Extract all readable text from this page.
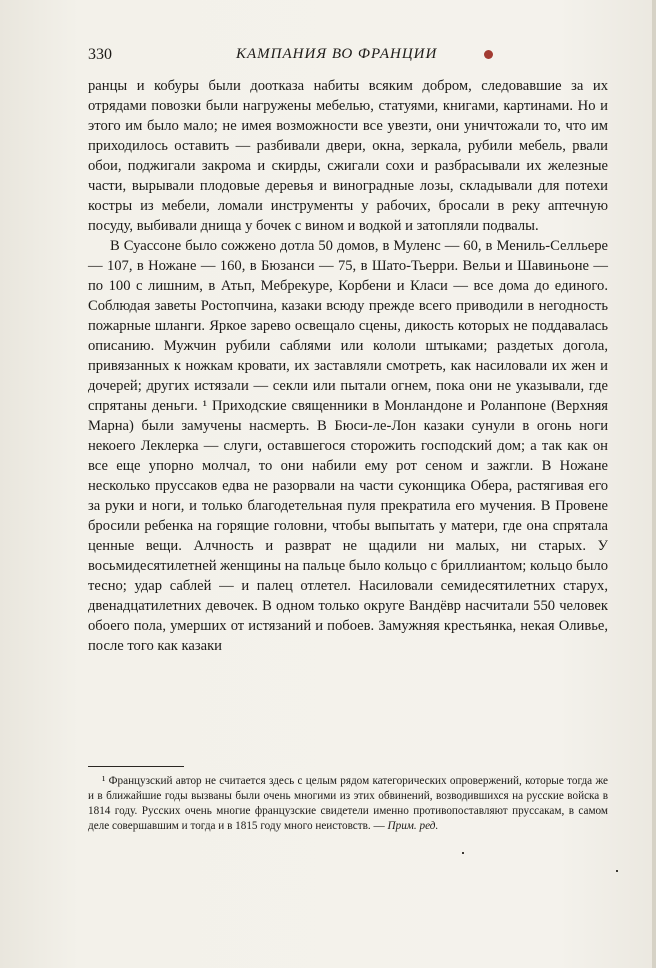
330	КАМПАНИЯ ВО ФРАНЦИИ

ранцы и кобуры были доотказа набиты всяким добром, следовавшие за их отрядами повозки были нагружены мебелью, статуями, книгами, картинами. Но и этого им было мало; не имея возможности все увезти, они уничтожали то, что им приходилось оставить — разбивали двери, окна, зеркала, рубили мебель, рвали обои, поджигали закрома и скирды, сжигали сохи и разбрасывали их железные части, вырывали плодовые деревья и виноградные лозы, складывали для потехи костры из мебели, ломали инструменты у рабочих, бросали в реку аптечную посуду, выбивали днища у бочек с вином и водкой и затопляли подвалы.

В Суассоне было сожжено дотла 50 домов, в Муленс — 60, в Мениль-Селльере — 107, в Ножане — 160, в Бюзанси — 75, в Шато-Тьерри. Вельи и Шавиньоне — по 100 с лишним, в Атьп, Мебрекуре, Корбени и Класи — все дома до единого. Соблюдая заветы Ростопчина, казаки всюду прежде всего приводили в негодность пожарные шланги. Яркое зарево освещало сцены, дикость которых не поддавалась описанию. Мужчин рубили саблями или кололи штыками; раздетых догола, привязанных к ножкам кровати, их заставляли смотреть, как насиловали их жен и дочерей; других истязали — секли или пытали огнем, пока они не указывали, где спрятаны деньги. ¹ Приходские священники в Монландоне и Роланпоне (Верхняя Марна) были замучены насмерть. В Бюси-ле-Лон казаки сунули в огонь ноги некоего Леклерка — слуги, оставшегося сторожить господский дом; а так как он все еще упорно молчал, то они набили ему рот сеном и зажгли. В Ножане несколько пруссаков едва не разорвали на части суконщика Обера, растягивая его за руки и ноги, и только благодетельная пуля прекратила его мучения. В Провене бросили ребенка на горящие головни, чтобы выпытать у матери, где она спрятала ценные вещи. Алчность и разврат не щадили ни малых, ни старых. У восьмидесятилетней женщины на пальце было кольцо с бриллиантом; кольцо было тесно; удар саблей — и палец отлетел. Насиловали семидесятилетних старух, двенадцатилетних девочек. В одном только округе Вандёвр насчитали 550 человек обоего пола, умерших от истязаний и побоев. Замужняя крестьянка, некая Оливье, после того как казаки

¹ Французский автор не считается здесь с целым рядом категорических опровержений, которые тогда же и в ближайшие годы вызваны были очень многими из этих обвинений, возводившихся на русские войска в 1814 году. Русских очень многие французские свидетели именно противопоставляют пруссакам, в самом деле совершавшим и тогда и в 1815 году много неистовств. — Прим. ред.
